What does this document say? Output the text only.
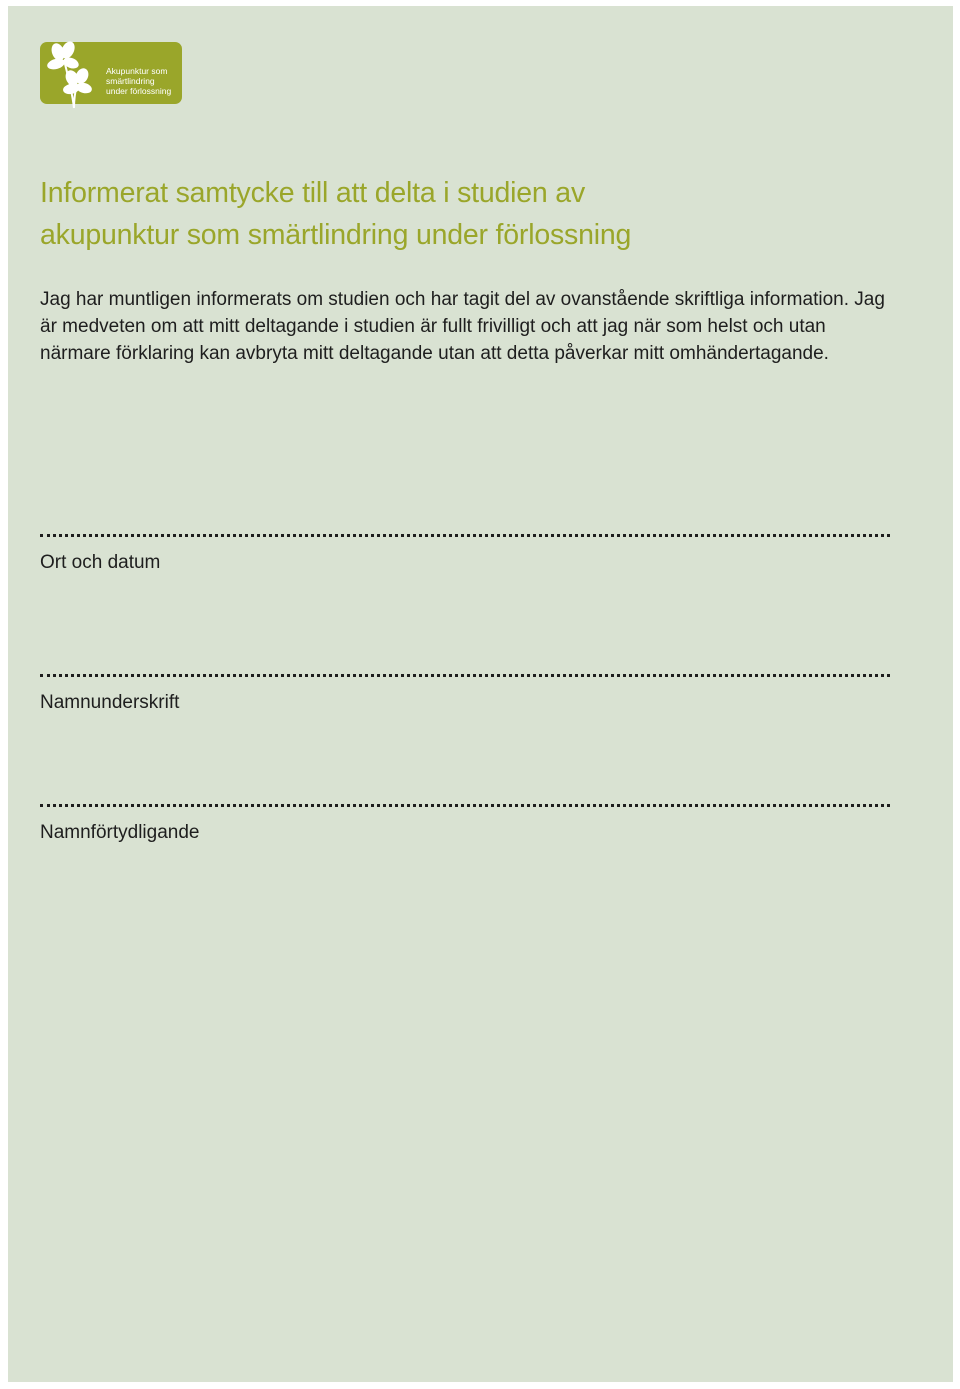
Akupunktur som
smärtlindring
under förlossning
Informerat samtycke till att delta i studien av
akupunktur som smärtlindring under förlossning

Jag har muntligen informerats om studien och har tagit del av ovanstående skriftliga information. Jag är medveten om att mitt deltagande i studien är fullt frivilligt och att jag när som helst och utan närmare förklaring kan avbryta mitt deltagande utan att detta påverkar mitt omhändertagande.

Ort och datum
Namnunderskrift
Namnförtydligande
